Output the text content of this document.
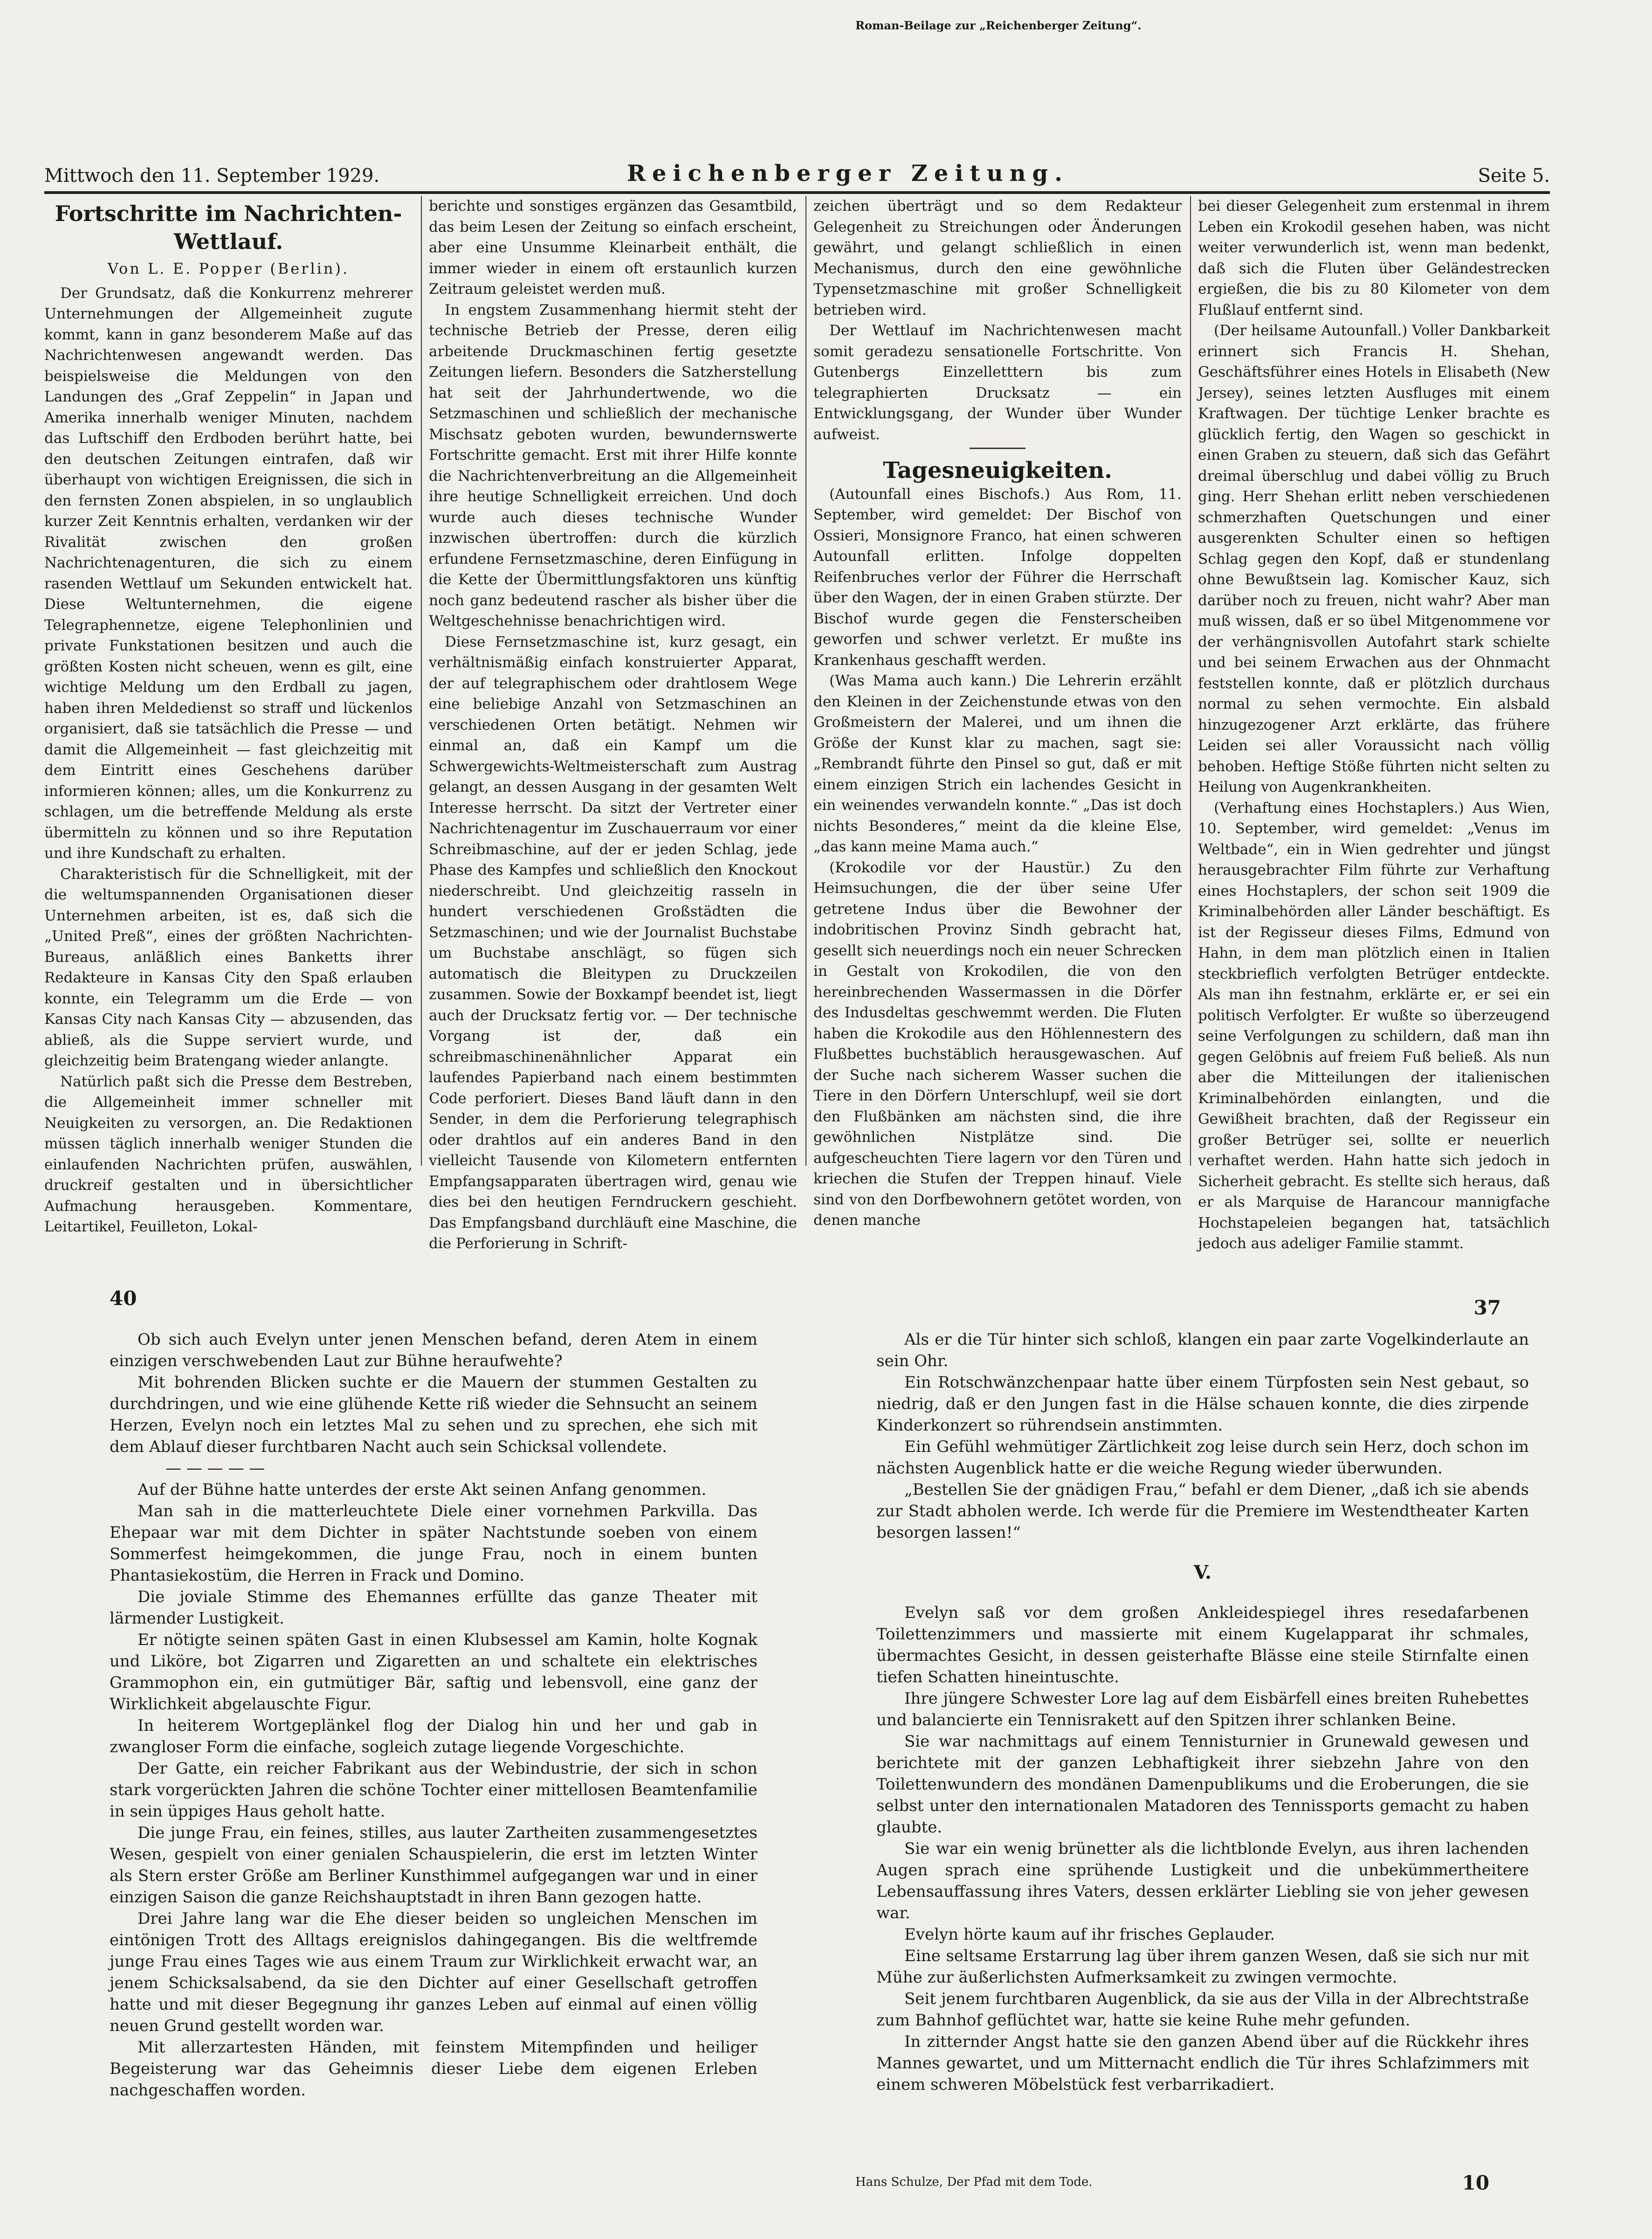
Mittwoch den 11. September 1929.	Reichenberger Zeitung.	Seite 5.
Fortschritte im Nachrichten-Wettlauf.
Von L. E. Popper (Berlin).

Der Grundsatz, daß die Konkurrenz mehrerer Unternehmungen der Allgemeinheit zugute kommt, kann in ganz besonderem Maße auf das Nachrichtenwesen angewandt werden. Das beispielsweise die Meldungen von den Landungen des „Graf Zeppelin“ in Japan und Amerika innerhalb weniger Minuten, nachdem das Luftschiff den Erdboden berührt hatte, bei den deutschen Zeitungen eintrafen, daß wir überhaupt von wichtigen Ereignissen, die sich in den fernsten Zonen abspielen, in so unglaublich kurzer Zeit Kenntnis erhalten, verdanken wir der Rivalität zwischen den großen Nachrichtenagenturen, die sich zu einem rasenden Wettlauf um Sekunden entwickelt hat. Diese Weltunternehmen, die eigene Telegraphennetze, eigene Telephonlinien und private Funkstationen besitzen und auch die größten Kosten nicht scheuen, wenn es gilt, eine wichtige Meldung um den Erdball zu jagen, haben ihren Meldedienst so straff und lückenlos organisiert, daß sie tatsächlich die Presse — und damit die Allgemeinheit — fast gleichzeitig mit dem Eintritt eines Geschehens darüber informieren können; alles, um die Konkurrenz zu schlagen, um die betreffende Meldung als erste übermitteln zu können und so ihre Reputation und ihre Kundschaft zu erhalten.

Charakteristisch für die Schnelligkeit, mit der die weltumspannenden Organisationen dieser Unternehmen arbeiten, ist es, daß sich die „United Preß“, eines der größten Nachrichten-Bureaus, anläßlich eines Banketts ihrer Redakteure in Kansas City den Spaß erlauben konnte, ein Telegramm um die Erde — von Kansas City nach Kansas City — abzusenden, das abließ, als die Suppe serviert wurde, und gleichzeitig beim Bratengang wieder anlangte.

Natürlich paßt sich die Presse dem Bestreben, die Allgemeinheit immer schneller mit Neuigkeiten zu versorgen, an. Die Redaktionen müssen täglich innerhalb weniger Stunden die einlaufenden Nachrichten prüfen, auswählen, druckreif gestalten und in übersichtlicher Aufmachung herausgeben. Kommentare, Leitartikel, Feuilleton, Lokal-

berichte und sonstiges ergänzen das Gesamtbild, das beim Lesen der Zeitung so einfach erscheint, aber eine Unsumme Kleinarbeit enthält, die immer wieder in einem oft erstaunlich kurzen Zeitraum geleistet werden muß.

In engstem Zusammenhang hiermit steht der technische Betrieb der Presse, deren eilig arbeitende Druckmaschinen fertig gesetzte Zeitungen liefern. Besonders die Satzherstellung hat seit der Jahrhundertwende, wo die Setzmaschinen und schließlich der mechanische Mischsatz geboten wurden, bewundernswerte Fortschritte gemacht. Erst mit ihrer Hilfe konnte die Nachrichtenverbreitung an die Allgemeinheit ihre heutige Schnelligkeit erreichen. Und doch wurde auch dieses technische Wunder inzwischen übertroffen: durch die kürzlich erfundene Fernsetzmaschine, deren Einfügung in die Kette der Übermittlungsfaktoren uns künftig noch ganz bedeutend rascher als bisher über die Weltgeschehnisse benachrichtigen wird.

Diese Fernsetzmaschine ist, kurz gesagt, ein verhältnismäßig einfach konstruierter Apparat, der auf telegraphischem oder drahtlosem Wege eine beliebige Anzahl von Setzmaschinen an verschiedenen Orten betätigt. Nehmen wir einmal an, daß ein Kampf um die Schwergewichts-Weltmeisterschaft zum Austrag gelangt, an dessen Ausgang in der gesamten Welt Interesse herrscht. Da sitzt der Vertreter einer Nachrichtenagentur im Zuschauerraum vor einer Schreibmaschine, auf der er jeden Schlag, jede Phase des Kampfes und schließlich den Knockout niederschreibt. Und gleichzeitig rasseln in hundert verschiedenen Großstädten die Setzmaschinen; und wie der Journalist Buchstabe um Buchstabe anschlägt, so fügen sich automatisch die Bleitypen zu Druckzeilen zusammen. Sowie der Boxkampf beendet ist, liegt auch der Drucksatz fertig vor. — Der technische Vorgang ist der, daß ein schreibmaschinenähnlicher Apparat ein laufendes Papierband nach einem bestimmten Code perforiert. Dieses Band läuft dann in den Sender, in dem die Perforierung telegraphisch oder drahtlos auf ein anderes Band in den vielleicht Tausende von Kilometern entfernten Empfangsapparaten übertragen wird, genau wie dies bei den heutigen Ferndruckern geschieht. Das Empfangsband durchläuft eine Maschine, die die Perforierung in Schrift-

zeichen überträgt und so dem Redakteur Gelegenheit zu Streichungen oder Änderungen gewährt, und gelangt schließlich in einen Mechanismus, durch den eine gewöhnliche Typensetzmaschine mit großer Schnelligkeit betrieben wird.

Der Wettlauf im Nachrichtenwesen macht somit geradezu sensationelle Fortschritte. Von Gutenbergs Einzelletttern bis zum telegraphierten Drucksatz — ein Entwicklungsgang, der Wunder über Wunder aufweist.

Tagesneuigkeiten.

(Autounfall eines Bischofs.) Aus Rom, 11. September, wird gemeldet: Der Bischof von Ossieri, Monsignore Franco, hat einen schweren Autounfall erlitten. Infolge doppelten Reifenbruches verlor der Führer die Herrschaft über den Wagen, der in einen Graben stürzte. Der Bischof wurde gegen die Fensterscheiben geworfen und schwer verletzt. Er mußte ins Krankenhaus geschafft werden.

(Was Mama auch kann.) Die Lehrerin erzählt den Kleinen in der Zeichenstunde etwas von den Großmeistern der Malerei, und um ihnen die Größe der Kunst klar zu machen, sagt sie: „Rembrandt führte den Pinsel so gut, daß er mit einem einzigen Strich ein lachendes Gesicht in ein weinendes verwandeln konnte.“ „Das ist doch nichts Besonderes,“ meint da die kleine Else, „das kann meine Mama auch.“

(Krokodile vor der Haustür.) Zu den Heimsuchungen, die der über seine Ufer getretene Indus über die Bewohner der indobritischen Provinz Sindh gebracht hat, gesellt sich neuerdings noch ein neuer Schrecken in Gestalt von Krokodilen, die von den hereinbrechenden Wassermassen in die Dörfer des Indusdeltas geschwemmt werden. Die Fluten haben die Krokodile aus den Höhlennestern des Flußbettes buchstäblich herausgewaschen. Auf der Suche nach sicherem Wasser suchen die Tiere in den Dörfern Unterschlupf, weil sie dort den Flußbänken am nächsten sind, die ihre gewöhnlichen Nistplätze sind. Die aufgescheuchten Tiere lagern vor den Türen und kriechen die Stufen der Treppen hinauf. Viele sind von den Dorfbewohnern getötet worden, von denen manche

bei dieser Gelegenheit zum erstenmal in ihrem Leben ein Krokodil gesehen haben, was nicht weiter verwunderlich ist, wenn man bedenkt, daß sich die Fluten über Geländestrecken ergießen, die bis zu 80 Kilometer von dem Flußlauf entfernt sind.

(Der heilsame Autounfall.) Voller Dankbarkeit erinnert sich Francis H. Shehan, Geschäftsführer eines Hotels in Elisabeth (New Jersey), seines letzten Ausfluges mit einem Kraftwagen. Der tüchtige Lenker brachte es glücklich fertig, den Wagen so geschickt in einen Graben zu steuern, daß sich das Gefährt dreimal überschlug und dabei völlig zu Bruch ging. Herr Shehan erlitt neben verschiedenen schmerzhaften Quetschungen und einer ausgerenkten Schulter einen so heftigen Schlag gegen den Kopf, daß er stundenlang ohne Bewußtsein lag. Komischer Kauz, sich darüber noch zu freuen, nicht wahr? Aber man muß wissen, daß er so übel Mitgenommene vor der verhängnisvollen Autofahrt stark schielte und bei seinem Erwachen aus der Ohnmacht feststellen konnte, daß er plötzlich durchaus normal zu sehen vermochte. Ein alsbald hinzugezogener Arzt erklärte, das frühere Leiden sei aller Voraussicht nach völlig behoben. Heftige Stöße führten nicht selten zu Heilung von Augenkrankheiten.

(Verhaftung eines Hochstaplers.) Aus Wien, 10. September, wird gemeldet: „Venus im Weltbade“, ein in Wien gedrehter und jüngst herausgebrachter Film führte zur Verhaftung eines Hochstaplers, der schon seit 1909 die Kriminalbehörden aller Länder beschäftigt. Es ist der Regisseur dieses Films, Edmund von Hahn, in dem man plötzlich einen in Italien steckbrieflich verfolgten Betrüger entdeckte. Als man ihn festnahm, erklärte er, er sei ein politisch Verfolgter. Er wußte so überzeugend seine Verfolgungen zu schildern, daß man ihn gegen Gelöbnis auf freiem Fuß beließ. Als nun aber die Mitteilungen der italienischen Kriminalbehörden einlangten, und die Gewißheit brachten, daß der Regisseur ein großer Betrüger sei, sollte er neuerlich verhaftet werden. Hahn hatte sich jedoch in Sicherheit gebracht. Es stellte sich heraus, daß er als Marquise de Harancour mannigfache Hochstapeleien begangen hat, tatsächlich jedoch aus adeliger Familie stammt.

40

Ob sich auch Evelyn unter jenen Menschen befand, deren Atem in einem einzigen verschwebenden Laut zur Bühne heraufwehte?

Mit bohrenden Blicken suchte er die Mauern der stummen Gestalten zu durchdringen, und wie eine glühende Kette riß wieder die Sehnsucht an seinem Herzen, Evelyn noch ein letztes Mal zu sehen und zu sprechen, ehe sich mit dem Ablauf dieser furchtbaren Nacht auch sein Schicksal vollendete.

— — — — —

Auf der Bühne hatte unterdes der erste Akt seinen Anfang genommen.

Man sah in die matterleuchtete Diele einer vornehmen Parkvilla. Das Ehepaar war mit dem Dichter in später Nachtstunde soeben von einem Sommerfest heimgekommen, die junge Frau, noch in einem bunten Phantasiekostüm, die Herren in Frack und Domino.

Die joviale Stimme des Ehemannes erfüllte das ganze Theater mit lärmender Lustigkeit.

Er nötigte seinen späten Gast in einen Klubsessel am Kamin, holte Kognak und Liköre, bot Zigarren und Zigaretten an und schaltete ein elektrisches Grammophon ein, ein gutmütiger Bär, saftig und lebensvoll, eine ganz der Wirklichkeit abgelauschte Figur.

In heiterem Wortgeplänkel flog der Dialog hin und her und gab in zwangloser Form die einfache, sogleich zutage liegende Vorgeschichte.

Der Gatte, ein reicher Fabrikant aus der Webindustrie, der sich in schon stark vorgerückten Jahren die schöne Tochter einer mittellosen Beamtenfamilie in sein üppiges Haus geholt hatte.

Die junge Frau, ein feines, stilles, aus lauter Zartheiten zusammengesetztes Wesen, gespielt von einer genialen Schauspielerin, die erst im letzten Winter als Stern erster Größe am Berliner Kunsthimmel aufgegangen war und in einer einzigen Saison die ganze Reichshauptstadt in ihren Bann gezogen hatte.

Drei Jahre lang war die Ehe dieser beiden so ungleichen Menschen im eintönigen Trott des Alltags ereignislos dahingegangen. Bis die weltfremde junge Frau eines Tages wie aus einem Traum zur Wirklichkeit erwacht war, an jenem Schicksalsabend, da sie den Dichter auf einer Gesellschaft getroffen hatte und mit dieser Begegnung ihr ganzes Leben auf einmal auf einen völlig neuen Grund gestellt worden war.

Mit allerzartesten Händen, mit feinstem Mitempfinden und heiliger Begeisterung war das Geheimnis dieser Liebe dem eigenen Erleben nachgeschaffen worden.

37

Als er die Tür hinter sich schloß, klangen ein paar zarte Vogelkinderlaute an sein Ohr.

Ein Rotschwänzchenpaar hatte über einem Türpfosten sein Nest gebaut, so niedrig, daß er den Jungen fast in die Hälse schauen konnte, die dies zirpende Kinderkonzert so rührendsein anstimmten.

Ein Gefühl wehmütiger Zärtlichkeit zog leise durch sein Herz, doch schon im nächsten Augenblick hatte er die weiche Regung wieder überwunden.

„Bestellen Sie der gnädigen Frau,“ befahl er dem Diener, „daß ich sie abends zur Stadt abholen werde. Ich werde für die Premiere im Westendtheater Karten besorgen lassen!“

V.

Evelyn saß vor dem großen Ankleidespiegel ihres resedafarbenen Toilettenzimmers und massierte mit einem Kugelapparat ihr schmales, übermachtes Gesicht, in dessen geisterhafte Blässe eine steile Stirnfalte einen tiefen Schatten hineintuschte.

Ihre jüngere Schwester Lore lag auf dem Eisbärfell eines breiten Ruhebettes und balancierte ein Tennisrakett auf den Spitzen ihrer schlanken Beine.

Sie war nachmittags auf einem Tennisturnier in Grunewald gewesen und berichtete mit der ganzen Lebhaftigkeit ihrer siebzehn Jahre von den Toilettenwundern des mondänen Damenpublikums und die Eroberungen, die sie selbst unter den internationalen Matadoren des Tennissports gemacht zu haben glaubte.

Sie war ein wenig brünetter als die lichtblonde Evelyn, aus ihren lachenden Augen sprach eine sprühende Lustigkeit und die unbekümmertheitere Lebensauffassung ihres Vaters, dessen erklärter Liebling sie von jeher gewesen war.

Evelyn hörte kaum auf ihr frisches Geplauder.

Eine seltsame Erstarrung lag über ihrem ganzen Wesen, daß sie sich nur mit Mühe zur äußerlichsten Aufmerksamkeit zu zwingen vermochte.

Seit jenem furchtbaren Augenblick, da sie aus der Villa in der Albrechtstraße zum Bahnhof geflüchtet war, hatte sie keine Ruhe mehr gefunden.

In zitternder Angst hatte sie den ganzen Abend über auf die Rückkehr ihres Mannes gewartet, und um Mitternacht endlich die Tür ihres Schlafzimmers mit einem schweren Möbelstück fest verbarrikadiert.

Roman-Beilage zur „Reichenberger Zeitung“.
Hans Schulze, Der Pfad mit dem Tode.	10
